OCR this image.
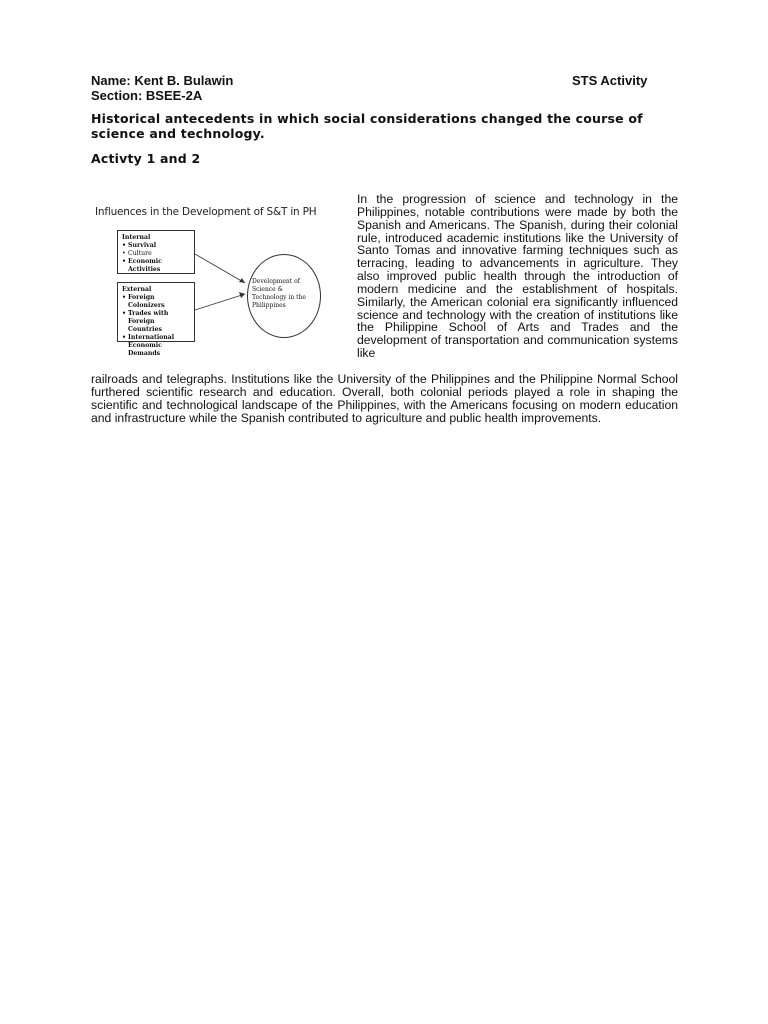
Name: Kent B. Bulawin
Section: BSEE-2A
STS Activity
Historical antecedents in which social considerations changed the course of science and technology.
Activty 1 and 2
Influences in the Development of S&T in PH
Internal
• Survival
• Culture
• Economic Activities
External
• Foreign Colonizers
• Trades with Foreign Countries
• International Economic Demands
Development of Science & Technology in the Philippines

In the progression of science and technology in the Philippines, notable contributions were made by both the Spanish and Americans. The Spanish, during their colonial rule, introduced academic institutions like the University of Santo Tomas and innovative farming techniques such as terracing, leading to advancements in agriculture. They also improved public health through the introduction of modern medicine and the establishment of hospitals. Similarly, the American colonial era significantly influenced science and technology with the creation of institutions like the Philippine School of Arts and Trades and the development of transportation and communication systems like

railroads and telegraphs. Institutions like the University of the Philippines and the Philippine Normal School furthered scientific research and education. Overall, both colonial periods played a role in shaping the scientific and technological landscape of the Philippines, with the Americans focusing on modern education and infrastructure while the Spanish contributed to agriculture and public health improvements.
